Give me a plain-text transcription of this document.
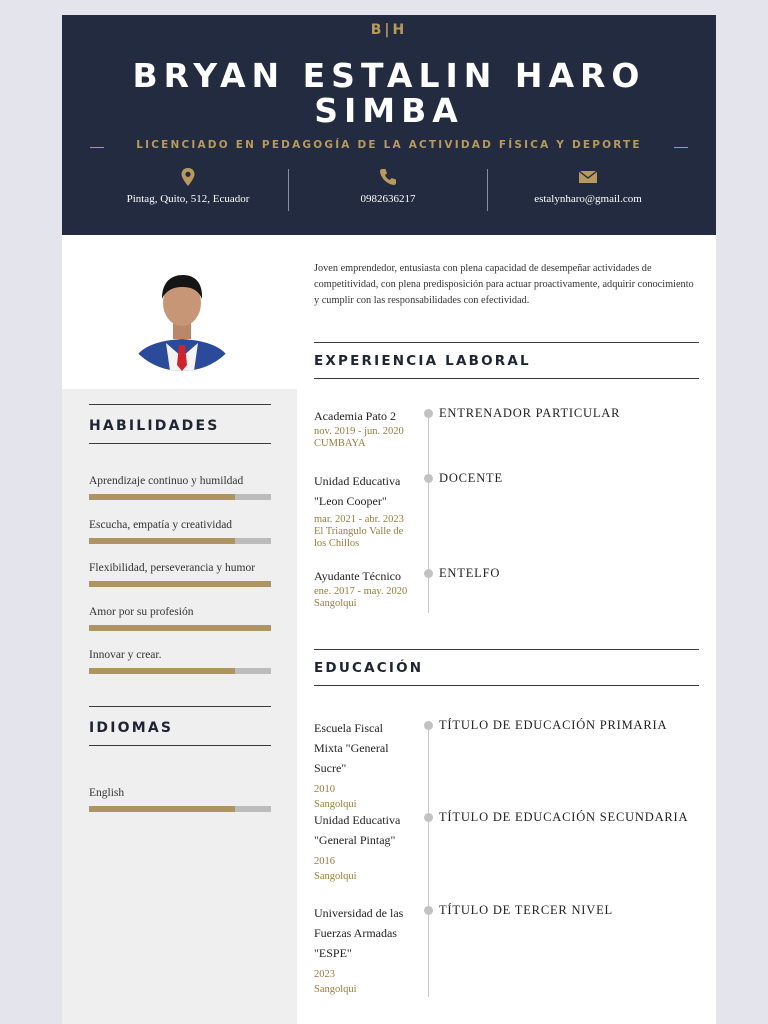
B|H
BRYAN ESTALIN HARO SIMBA
LICENCIADO EN PEDAGOGÍA DE LA ACTIVIDAD FÍSICA Y DEPORTE
Pintag, Quito, 512, Ecuador	0982636217	estalynharo@gmail.com
HABILIDADES
Aprendizaje continuo y humildad
Escucha, empatía y creatividad
Flexibilidad, perseverancia y humor
Amor por su profesión
Innovar y crear.
IDIOMAS
English
Joven emprendedor, entusiasta con plena capacidad de desempeñar actividades de competitividad, con plena predisposición para actuar proactivamente, adquirir conocimiento y cumplir con las responsabilidades con efectividad.
EXPERIENCIA LABORAL
Academia Pato 2
nov. 2019 - jun. 2020
CUMBAYA
ENTRENADOR PARTICULAR
Unidad Educativa "Leon Cooper"
mar. 2021 - abr. 2023
El Triangulo Valle de los Chillos
DOCENTE
Ayudante Técnico
ene. 2017 - may. 2020
Sangolqui
ENTELFO
EDUCACIÓN
Escuela Fiscal Mixta "General Sucre"
2010
Sangolqui
TÍTULO DE EDUCACIÓN PRIMARIA
Unidad Educativa "General Pintag"
2016
Sangolqui
TÍTULO DE EDUCACIÓN SECUNDARIA
Universidad de las Fuerzas Armadas "ESPE"
2023
Sangolqui
TÍTULO DE TERCER NIVEL
